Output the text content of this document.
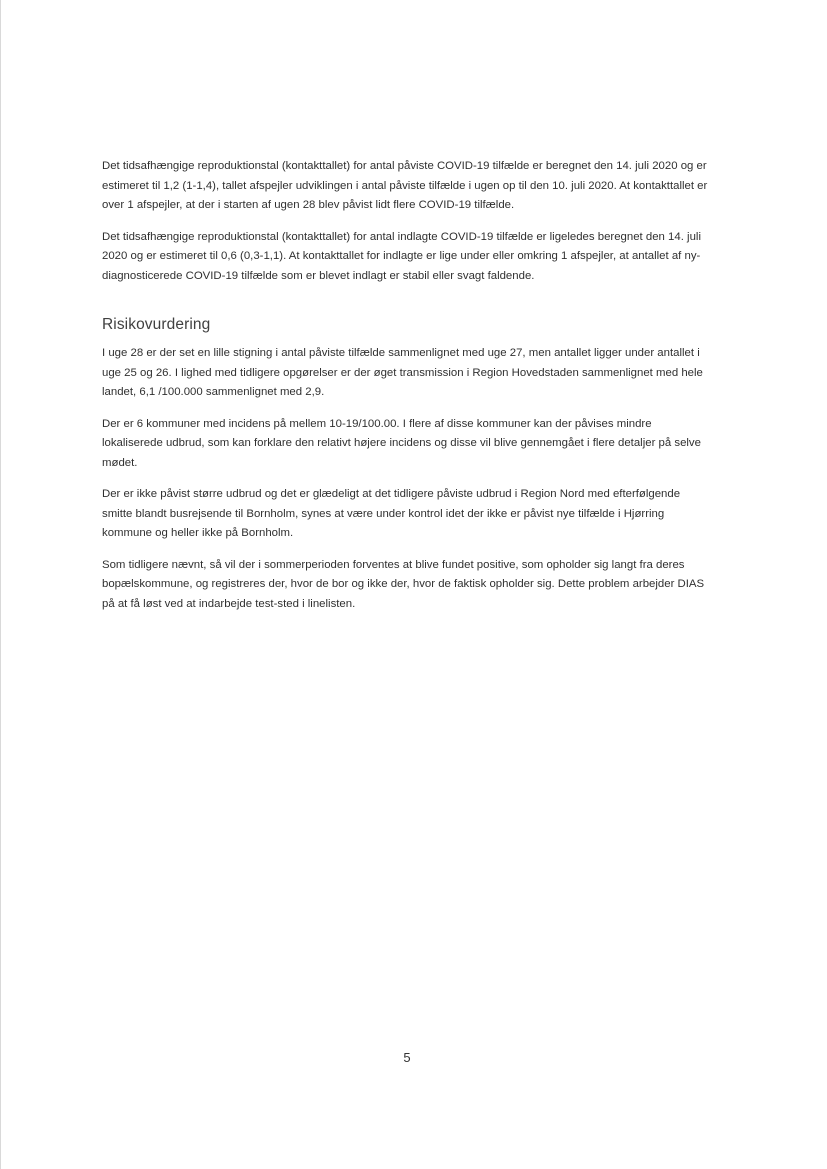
Det tidsafhængige reproduktionstal (kontakttallet) for antal påviste COVID-19 tilfælde er beregnet den 14. juli 2020 og er estimeret til 1,2 (1-1,4), tallet afspejler udviklingen i antal påviste tilfælde i ugen op til den 10. juli 2020. At kontakttallet er over 1 afspejler, at der i starten af ugen 28 blev påvist lidt flere COVID-19 tilfælde.

Det tidsafhængige reproduktionstal (kontakttallet) for antal indlagte COVID-19 tilfælde er ligeledes beregnet den 14. juli 2020 og er estimeret til 0,6 (0,3-1,1). At kontakttallet for indlagte er lige under eller omkring 1 afspejler, at antallet af ny-diagnosticerede COVID-19 tilfælde som er blevet indlagt er stabil eller svagt faldende.

Risikovurdering

I uge 28 er der set en lille stigning i antal påviste tilfælde sammenlignet med uge 27, men antallet ligger under antallet i uge 25 og 26. I lighed med tidligere opgørelser er der øget transmission i Region Hovedstaden sammenlignet med hele landet, 6,1 /100.000 sammenlignet med 2,9.

Der er 6 kommuner med incidens på mellem 10-19/100.00. I flere af disse kommuner kan der påvises mindre lokaliserede udbrud, som kan forklare den relativt højere incidens og disse vil blive gennemgået i flere detaljer på selve mødet.

Der er ikke påvist større udbrud og det er glædeligt at det tidligere påviste udbrud i Region Nord med efterfølgende smitte blandt busrejsende til Bornholm, synes at være under kontrol idet der ikke er påvist nye tilfælde i Hjørring kommune og heller ikke på Bornholm.

Som tidligere nævnt, så vil der i sommerperioden forventes at blive fundet positive, som opholder sig langt fra deres bopælskommune, og registreres der, hvor de bor og ikke der, hvor de faktisk opholder sig. Dette problem arbejder DIAS på at få løst ved at indarbejde test-sted i linelisten.

5
